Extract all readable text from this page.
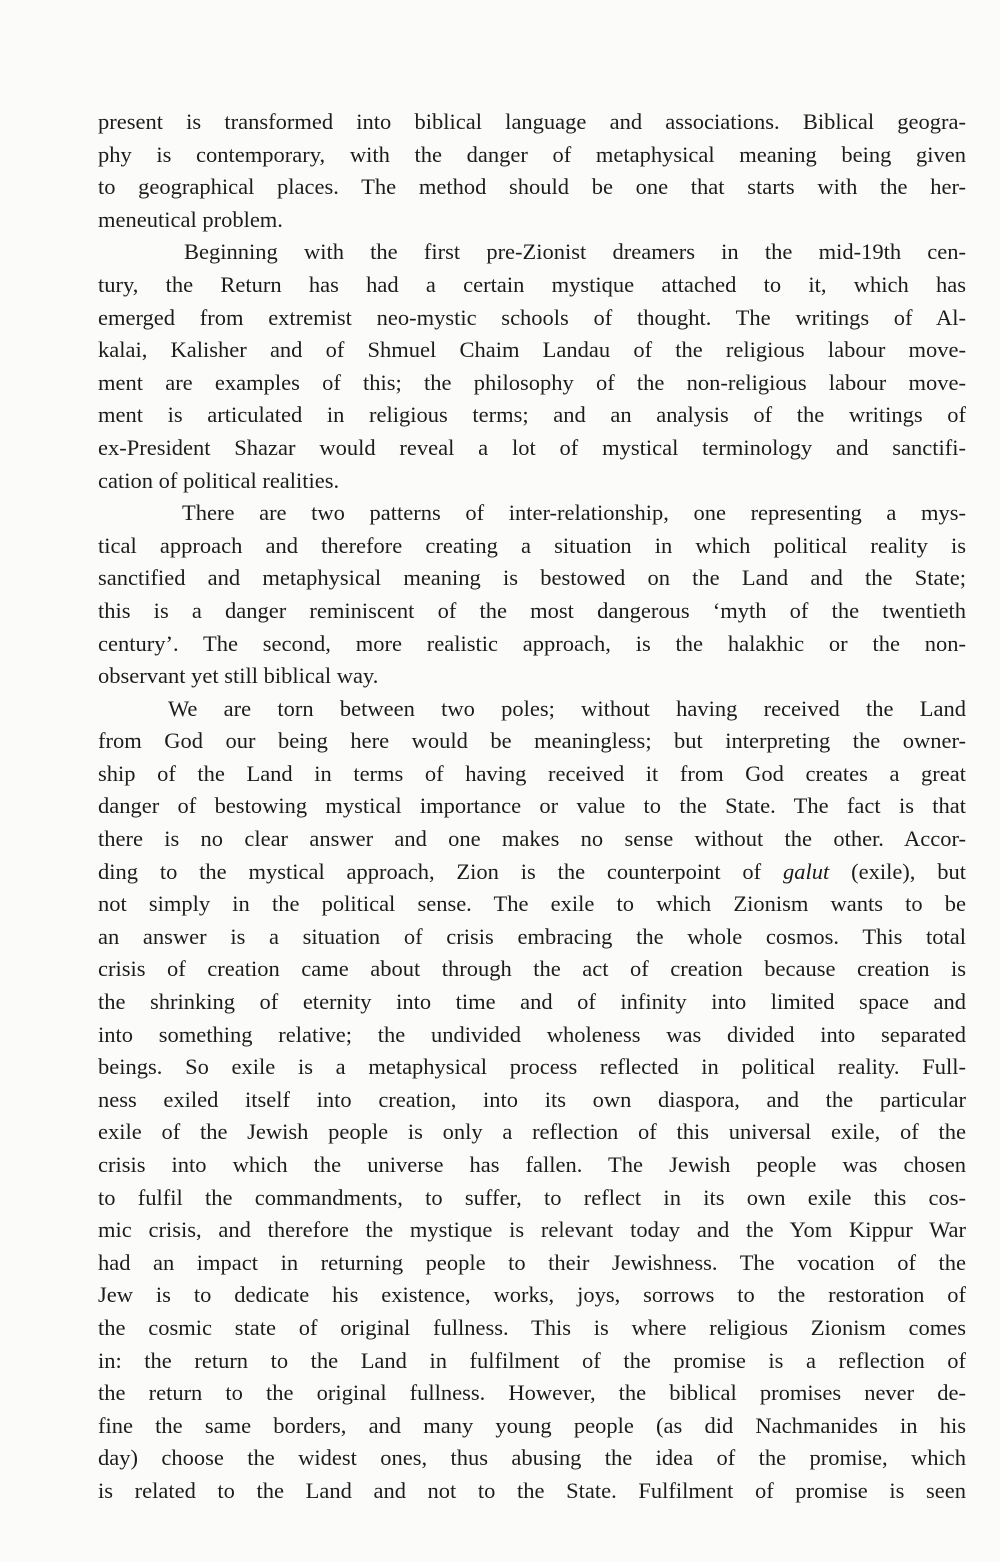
present is transformed into biblical language and associations. Biblical geogra-
phy is contemporary, with the danger of metaphysical meaning being given
to geographical places. The method should be one that starts with the her-
meneutical problem.

Beginning with the first pre-Zionist dreamers in the mid-19th cen-
tury, the Return has had a certain mystique attached to it, which has
emerged from extremist neo-mystic schools of thought. The writings of Al-
kalai, Kalisher and of Shmuel Chaim Landau of the religious labour move-
ment are examples of this; the philosophy of the non-religious labour move-
ment is articulated in religious terms; and an analysis of the writings of
ex-President Shazar would reveal a lot of mystical terminology and sanctifi-
cation of political realities.

There are two patterns of inter-relationship, one representing a mys-
tical approach and therefore creating a situation in which political reality is
sanctified and metaphysical meaning is bestowed on the Land and the State;
this is a danger reminiscent of the most dangerous ‘myth of the twentieth
century’. The second, more realistic approach, is the halakhic or the non-
observant yet still biblical way.

We are torn between two poles; without having received the Land
from God our being here would be meaningless; but interpreting the owner-
ship of the Land in terms of having received it from God creates a great
danger of bestowing mystical importance or value to the State. The fact is that
there is no clear answer and one makes no sense without the other. Accor-
ding to the mystical approach, Zion is the counterpoint of galut (exile), but
not simply in the political sense. The exile to which Zionism wants to be
an answer is a situation of crisis embracing the whole cosmos. This total
crisis of creation came about through the act of creation because creation is
the shrinking of eternity into time and of infinity into limited space and
into something relative; the undivided wholeness was divided into separated
beings. So exile is a metaphysical process reflected in political reality. Full-
ness exiled itself into creation, into its own diaspora, and the particular
exile of the Jewish people is only a reflection of this universal exile, of the
crisis into which the universe has fallen. The Jewish people was chosen
to fulfil the commandments, to suffer, to reflect in its own exile this cos-
mic crisis, and therefore the mystique is relevant today and the Yom Kippur War
had an impact in returning people to their Jewishness. The vocation of the
Jew is to dedicate his existence, works, joys, sorrows to the restoration of
the cosmic state of original fullness. This is where religious Zionism comes
in: the return to the Land in fulfilment of the promise is a reflection of
the return to the original fullness. However, the biblical promises never de-
fine the same borders, and many young people (as did Nachmanides in his
day) choose the widest ones, thus abusing the idea of the promise, which
is related to the Land and not to the State. Fulfilment of promise is seen
